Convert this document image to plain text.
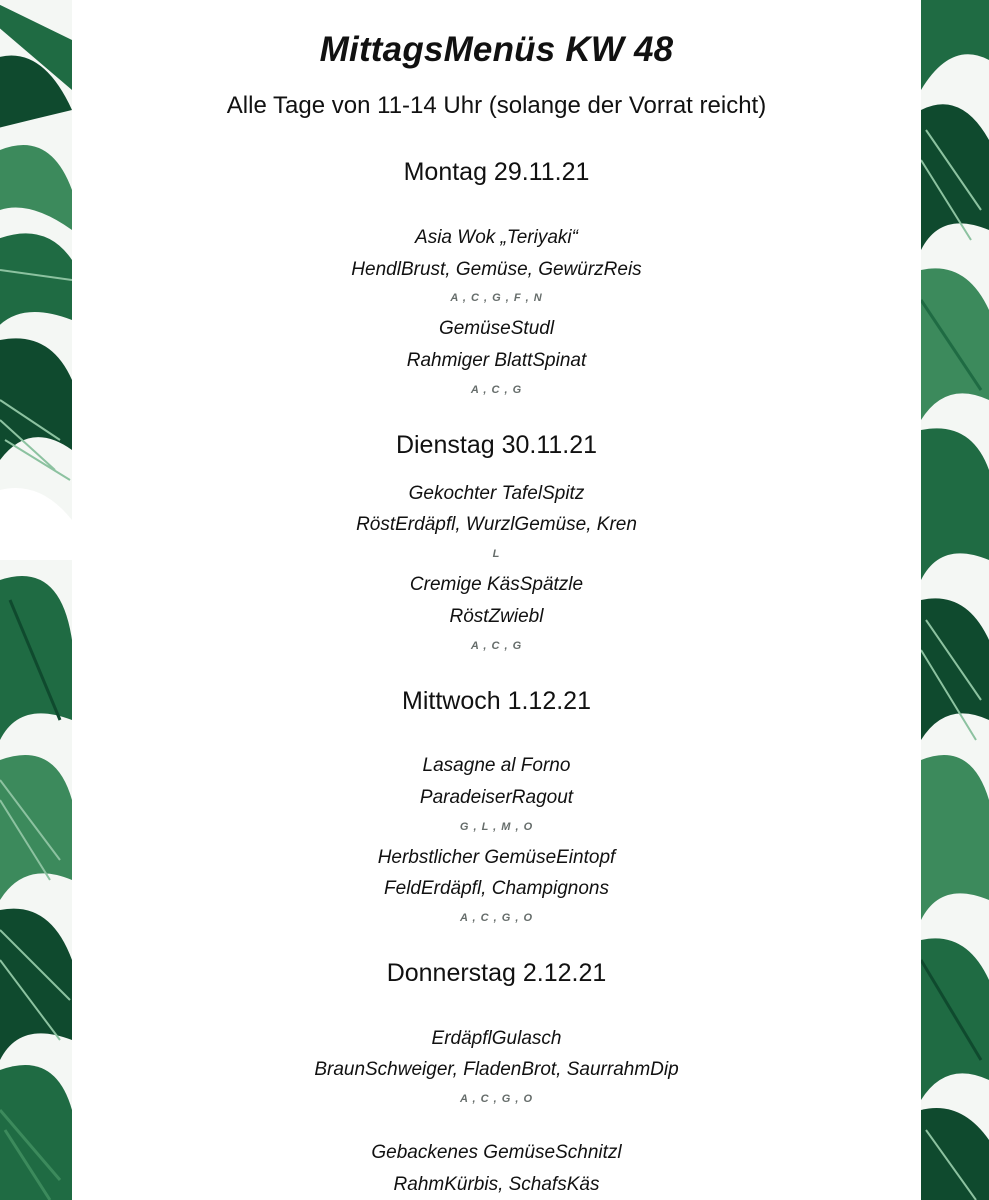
MittagsMenüs KW 48
Alle Tage von 11-14 Uhr (solange der Vorrat reicht)
Montag 29.11.21
Asia Wok „Teriyaki“
HendlBrust, Gemüse, GewürzReis
A , C , G , F , N
GemüseStudl
Rahmiger BlattSpinat
A , C , G
Dienstag 30.11.21
Gekochter TafelSpitz
RöstErdäpfl, WurzlGemüse, Kren
L
Cremige KäsSpätzle
RöstZwiebl
A , C , G
Mittwoch 1.12.21
Lasagne al Forno
ParadeiserRagout
G , L , M , O
Herbstlicher GemüseEintopf
FeldErdäpfl, Champignons
A , C , G , O
Donnerstag 2.12.21
ErdäpflGulasch
BraunSchweiger, FladenBrot, SaurrahmDip
A , C , G , O
Gebackenes GemüseSchnitzl
RahmKürbis, SchafsKäs
